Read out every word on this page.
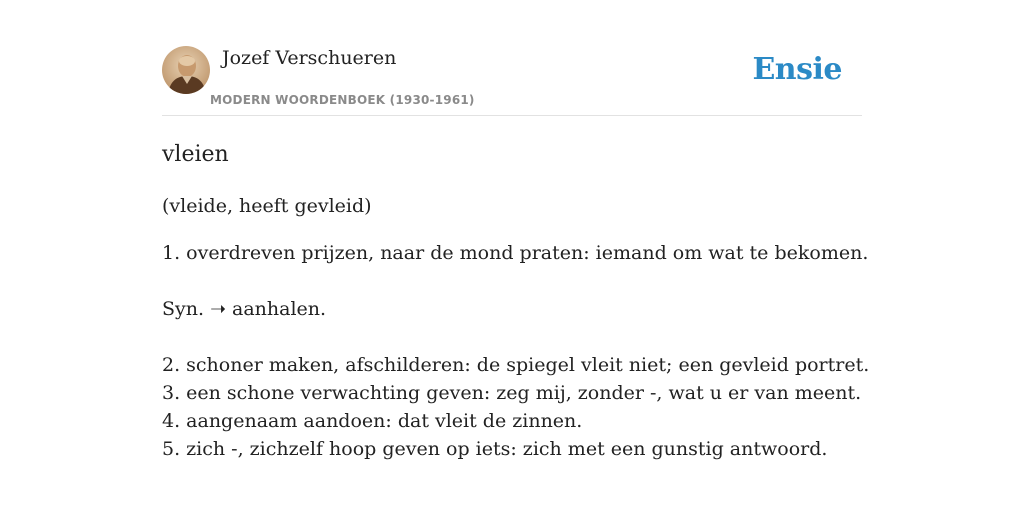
Jozef Verschueren
MODERN WOORDENBOEK (1930-1961)
Ensie
vleien
(vleide, heeft gevleid)
1. overdreven prijzen, naar de mond praten: iemand om wat te bekomen.
Syn. ➝ aanhalen.
2. schoner maken, afschilderen: de spiegel vleit niet; een gevleid portret.
3. een schone verwachting geven: zeg mij, zonder -, wat u er van meent.
4. aangenaam aandoen: dat vleit de zinnen.
5. zich -, zichzelf hoop geven op iets: zich met een gunstig antwoord.
